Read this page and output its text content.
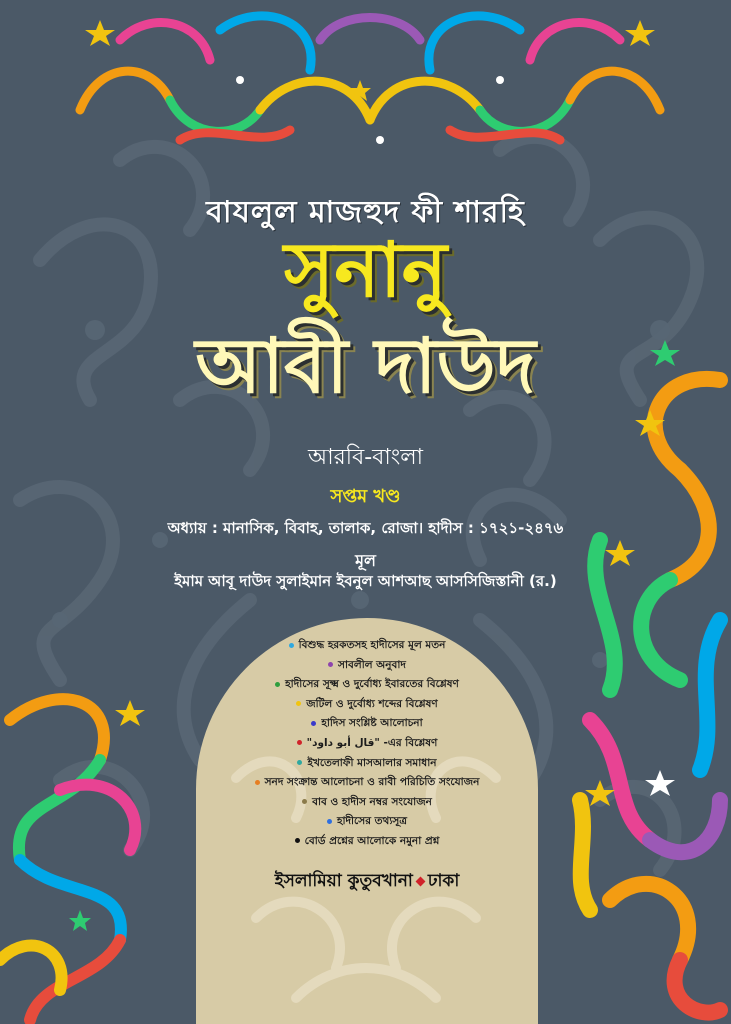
বাযলুল মাজহুদ ফী শারহি
সুনানু
আবী দাউদ
আরবি-বাংলা
সপ্তম খণ্ড
অধ্যায় : মানাসিক, বিবাহ, তালাক, রোজা। হাদীস : ১৭২১-২৪৭৬
মূল
ইমাম আবূ দাউদ সুলাইমান ইবনুল আশআছ আসসিজিস্তানী (র.)
বিশুদ্ধ হরকতসহ হাদীসের মূল মতন
সাবলীল অনুবাদ
হাদীসের সূক্ষ্ম ও দুর্বোধ্য ইবারতের বিশ্লেষণ
জটিল ও দুর্বোধ্য শব্দের বিশ্লেষণ
হাদিস সংশ্লিষ্ট আলোচনা
"قال أبو داود" -এর বিশ্লেষণ
ইখতেলাফী মাসআলার সমাধান
সনদ সংক্রান্ত আলোচনা ও রাবী পরিচিতি সংযোজন
বাব ও হাদীস নম্বর সংযোজন
হাদীসের তথ্যসূত্র
বোর্ড প্রশ্নের আলোকে নমুনা প্রশ্ন
ইসলামিয়া কুতুবখানা ঢাকা
